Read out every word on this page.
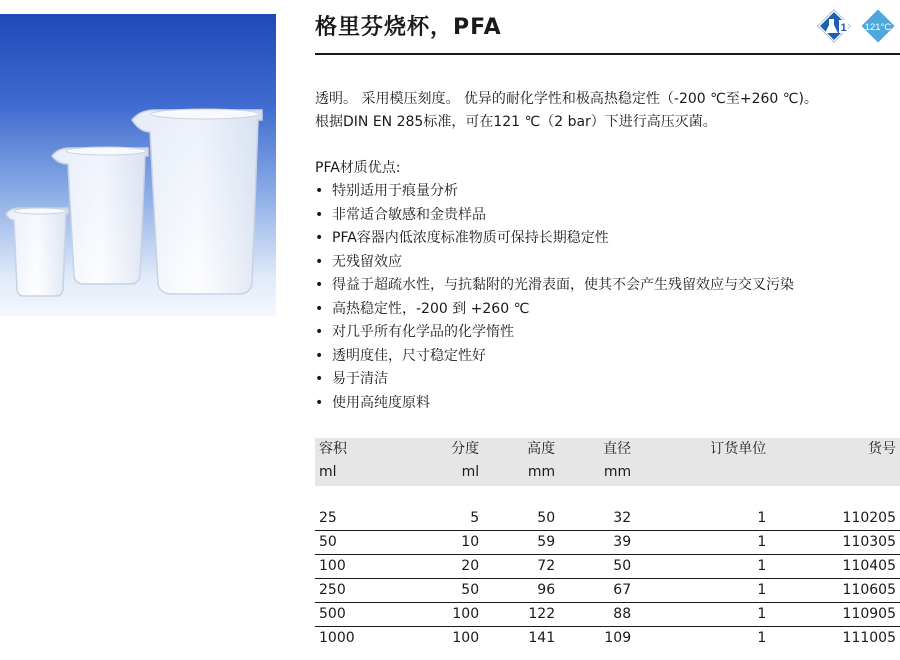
格里芬烧杯，PFA	1 121°C

透明。 采用模压刻度。 优异的耐化学性和极高热稳定性（-200 ℃至+260 ℃)。

根据DIN EN 285标准，可在121 ℃（2 bar）下进行高压灭菌。

PFA材质优点:
• 特别适用于痕量分析
• 非常适合敏感和金贵样品
• PFA容器内低浓度标准物质可保持长期稳定性
• 无残留效应
• 得益于超疏水性，与抗黏附的光滑表面，使其不会产生残留效应与交叉污染
• 高热稳定性，-200 到 +260 ℃
• 对几乎所有化学品的化学惰性
• 透明度佳，尺寸稳定性好
• 易于清洁
• 使用高纯度原料
容积	分度	高度	直径	订货单位	货号
ml	ml	mm	mm		

25	5	50	32	1	110205
50	10	59	39	1	110305
100	20	72	50	1	110405
250	50	96	67	1	110605
500	100	122	88	1	110905
1000	100	141	109	1	111005
